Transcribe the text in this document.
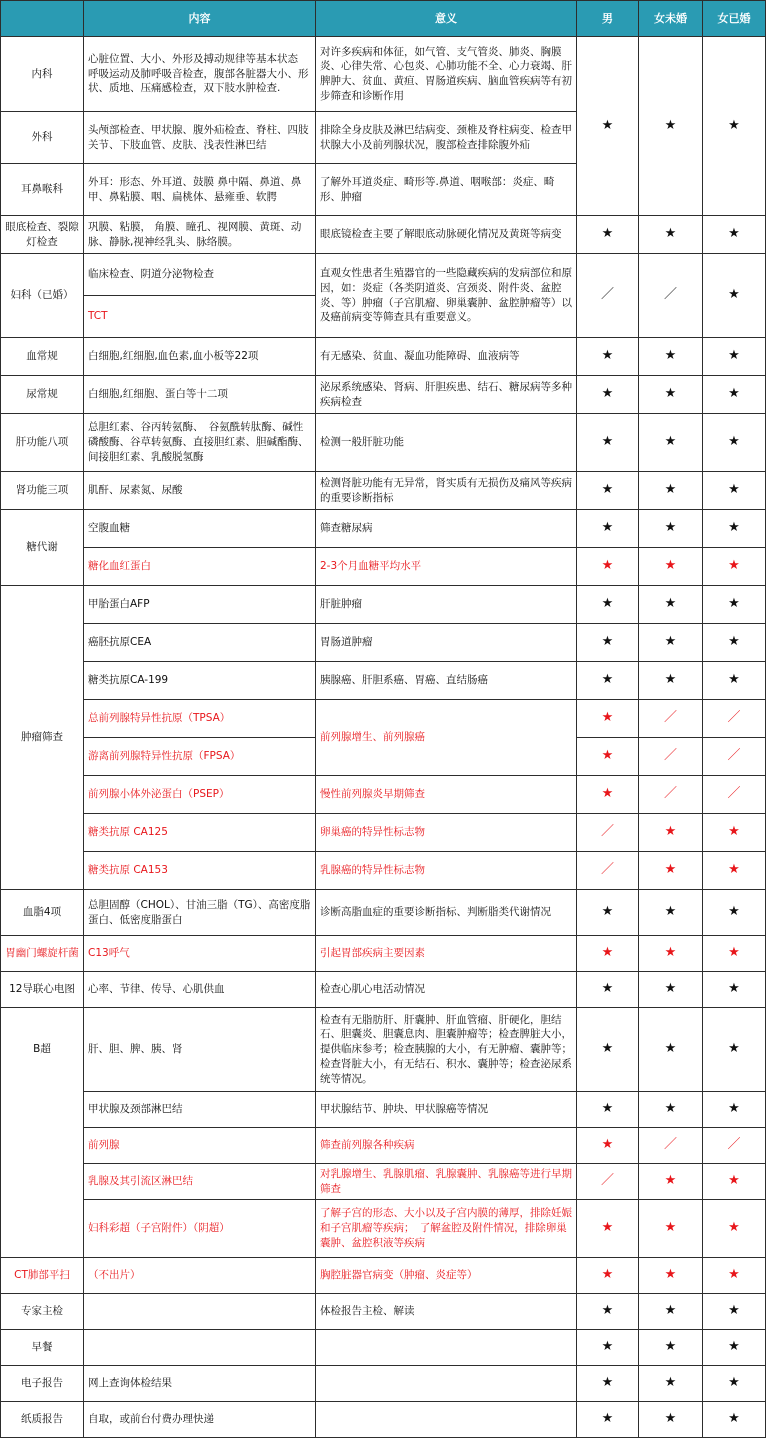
	内容	意义	男	女未婚	女已婚
内科	心脏位置、大小、外形及搏动规律等基本状态　　　　　　　呼吸运动及肺呼吸音检查，腹部各脏器大小、形状、质地、压痛感检查，双下肢水肿检查.	对许多疾病和体征，如气管、支气管炎、肺炎、胸膜炎、心律失常、心包炎、心肺功能不全、心力衰竭、肝脾肿大、贫血、黄疸、胃肠道疾病、脑血管疾病等有初步筛查和诊断作用	★	★	★
外科	头颅部检查、甲状腺、腹外疝检查、脊柱、四肢关节、下肢血管、皮肤、浅表性淋巴结	排除全身皮肤及淋巴结病变、颈椎及脊柱病变、检查甲状腺大小及前列腺状况，腹部检查排除腹外疝			
耳鼻喉科	外耳：形态、外耳道、鼓膜 鼻中隔、鼻道、鼻甲、鼻粘膜、咽、扁桃体、悬雍垂、软腭	了解外耳道炎症、畸形等.鼻道、咽喉部：炎症、畸形、肿瘤			
眼底检查、裂隙灯检查	巩膜、粘膜， 角膜、瞳孔、视网膜、黄斑、动脉、静脉,视神经乳头、脉络膜。	眼底镜检查主要了解眼底动脉硬化情况及黄斑等病变	★	★	★
妇科（已婚）	临床检查、阴道分泌物检查	直观女性患者生殖器官的一些隐藏疾病的发病部位和原因，如：炎症（各类阴道炎、宫颈炎、附件炎、盆腔炎、等）肿瘤（子宫肌瘤、卵巢囊肿、盆腔肿瘤等）以及癌前病变等筛查具有重要意义。	／	／	★
	TCT				
血常规	白细胞,红细胞,血色素,血小板等22项	有无感染、贫血、凝血功能障碍、血液病等	★	★	★
尿常规	白细胞,红细胞、蛋白等十二项	泌尿系统感染、肾病、肝胆疾患、结石、糖尿病等多种疾病检查	★	★	★
肝功能八项	总胆红素、谷丙转氨酶、　谷氨酰转肽酶、碱性磷酸酶、谷草转氨酶、直接胆红素、胆碱酯酶、间接胆红素、乳酸脱氢酶	检测一般肝脏功能	★	★	★
肾功能三项	肌酐、尿素氮、尿酸	检测肾脏功能有无异常，肾实质有无损伤及痛风等疾病的重要诊断指标	★	★	★
糖代谢	空腹血糖	筛查糖尿病	★	★	★
	糖化血红蛋白	2-3个月血糖平均水平	★	★	★
肿瘤筛查	甲胎蛋白AFP	肝脏肿瘤	★	★	★
	癌胚抗原CEA	胃肠道肿瘤	★	★	★
	糖类抗原CA-199	胰腺癌、肝胆系癌、胃癌、直结肠癌	★	★	★
	总前列腺特异性抗原（TPSA）	前列腺增生、前列腺癌	★	／	／
	游离前列腺特异性抗原（FPSA）		★	／	／
	前列腺小体外泌蛋白（PSEP）	慢性前列腺炎早期筛查	★	／	／
	糖类抗原 CA125	卵巢癌的特异性标志物	／	★	★
	糖类抗原 CA153	乳腺癌的特异性标志物	／	★	★
血脂4项	总胆固醇（CHOL）、甘油三脂（TG）、高密度脂蛋白、低密度脂蛋白	诊断高脂血症的重要诊断指标、判断脂类代谢情况	★	★	★
胃幽门螺旋杆菌	C13呼气	引起胃部疾病主要因素	★	★	★
12导联心电图	心率、节律、传导、心肌供血	检查心肌心电活动情况	★	★	★
B超	肝、胆、脾、胰、肾	检查有无脂肪肝、肝囊肿、肝血管瘤、肝硬化，胆结石、胆囊炎、胆囊息肉、胆囊肿瘤等；检查脾脏大小，提供临床参考；检查胰腺的大小，有无肿瘤、囊肿等；检查肾脏大小，有无结石、积水、囊肿等；检查泌尿系统等情况。	★	★	★
	甲状腺及颈部淋巴结	甲状腺结节、肿块、甲状腺癌等情况	★	★	★
	前列腺	筛查前列腺各种疾病	★	／	／
	乳腺及其引流区淋巴结	对乳腺增生、乳腺肌瘤、乳腺囊肿、乳腺癌等进行早期筛查	／	★	★
	妇科彩超（子宫附件）（阴超）	了解子宫的形态、大小以及子宫内膜的薄厚，排除妊娠和子宫肌瘤等疾病；　了解盆腔及附件情况，排除卵巢囊肿、盆腔积液等疾病	★	★	★
CT肺部平扫	（不出片）	胸腔脏器官病变（肿瘤、炎症等）	★	★	★
专家主检		体检报告主检、解读	★	★	★
早餐			★	★	★
电子报告	网上查询体检结果		★	★	★
纸质报告	自取，或前台付费办理快递		★	★	★
